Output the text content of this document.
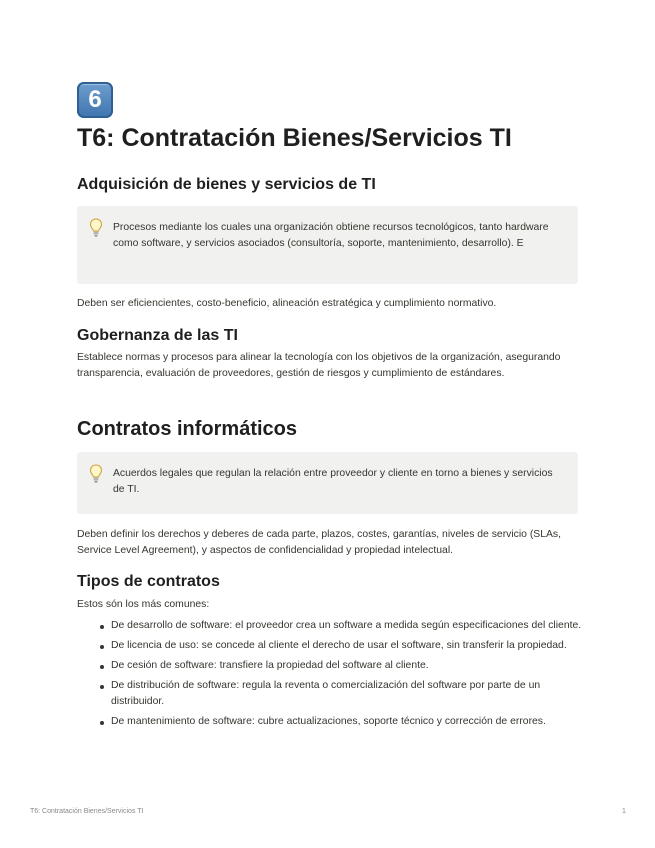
6
T6: Contratación Bienes/Servicios TI
Adquisición de bienes y servicios de TI

Procesos mediante los cuales una organización obtiene recursos tecnológicos, tanto hardware como software, y servicios asociados (consultoría, soporte, mantenimiento, desarrollo). E

Deben ser eficiencientes, costo-beneficio, alineación estratégica y cumplimiento normativo.

Gobernanza de las TI

Establece normas y procesos para alinear la tecnología con los objetivos de la organización, asegurando transparencia, evaluación de proveedores, gestión de riesgos y cumplimiento de estándares.

Contratos informáticos

Acuerdos legales que regulan la relación entre proveedor y cliente en torno a bienes y servicios de TI.

Deben definir los derechos y deberes de cada parte, plazos, costes, garantías, niveles de servicio (SLAs, Service Level Agreement), y aspectos de confidencialidad y propiedad intelectual.

Tipos de contratos

Estos són los más comunes:

De desarrollo de software: el proveedor crea un software a medida según especificaciones del cliente.
De licencia de uso: se concede al cliente el derecho de usar el software, sin transferir la propiedad.
De cesión de software: transfiere la propiedad del software al cliente.
De distribución de software: regula la reventa o comercialización del software por parte de un distribuidor.
De mantenimiento de software: cubre actualizaciones, soporte técnico y corrección de errores.
T6: Contratación Bienes/Servicios TI	1
